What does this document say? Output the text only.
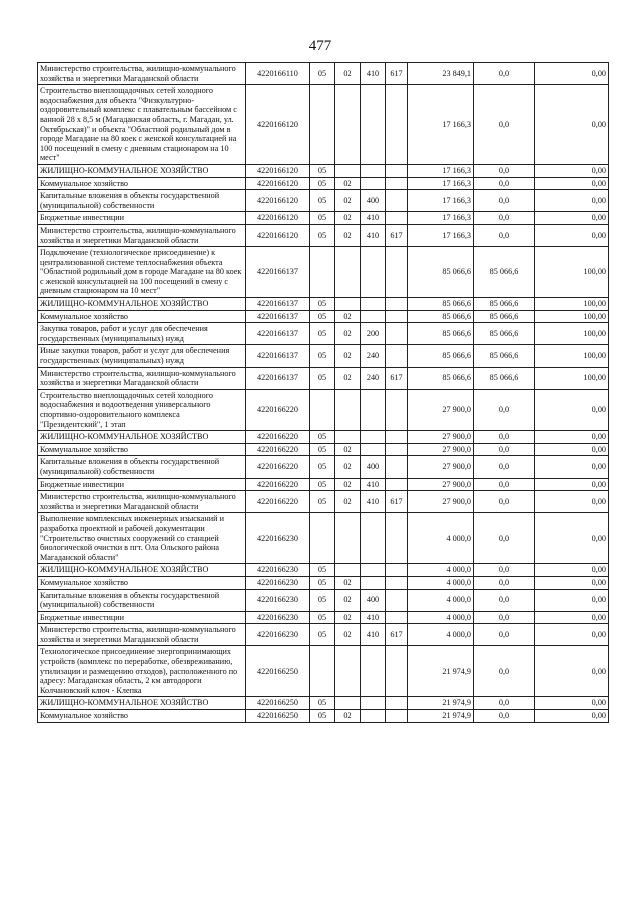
477
Министерство строительства, жилищно-коммунального хозяйства и энергетики Магаданской области	4220166110	05	02	410	617	23 849,1	0,0	0,00
Строительство внеплощадочных сетей холодного водоснабжения для объекта "Физкультурно-оздоровительный комплекс с плавательным бассейном с ванной 28 х 8,5 м (Магаданская область, г. Магадан, ул. Октябрьская)" и объекта "Областной родильный дом в городе Магадане на 80 коек с женской консультацией на 100 посещений в смену с дневным стационаром на 10 мест"	4220166120					17 166,3	0,0	0,00
ЖИЛИЩНО-КОММУНАЛЬНОЕ ХОЗЯЙСТВО	4220166120	05				17 166,3	0,0	0,00
Коммунальное хозяйство	4220166120	05	02			17 166,3	0,0	0,00
Капитальные вложения в объекты государственной (муниципальной) собственности	4220166120	05	02	400		17 166,3	0,0	0,00
Бюджетные инвестиции	4220166120	05	02	410		17 166,3	0,0	0,00
Министерство строительства, жилищно-коммунального хозяйства и энергетики Магаданской области	4220166120	05	02	410	617	17 166,3	0,0	0,00
Подключение (технологическое присоединение) к централизованной системе теплоснабжения объекта "Областной родильный дом в городе Магадане на 80 коек с женской консультацией на 100 посещений в смену с дневным стационаром на 10 мест"	4220166137					85 066,6	85 066,6	100,00
ЖИЛИЩНО-КОММУНАЛЬНОЕ ХОЗЯЙСТВО	4220166137	05				85 066,6	85 066,6	100,00
Коммунальное хозяйство	4220166137	05	02			85 066,6	85 066,6	100,00
Закупка товаров, работ и услуг для обеспечения государственных (муниципальных) нужд	4220166137	05	02	200		85 066,6	85 066,6	100,00
Иные закупки товаров, работ и услуг для обеспечения государственных (муниципальных) нужд	4220166137	05	02	240		85 066,6	85 066,6	100,00
Министерство строительства, жилищно-коммунального хозяйства и энергетики Магаданской области	4220166137	05	02	240	617	85 066,6	85 066,6	100,00
Строительство внеплощадочных сетей холодного водоснабжения и водоотведения универсального спортивно-оздоровительного комплекса "Президентский", 1 этап	4220166220					27 900,0	0,0	0,00
ЖИЛИЩНО-КОММУНАЛЬНОЕ ХОЗЯЙСТВО	4220166220	05				27 900,0	0,0	0,00
Коммунальное хозяйство	4220166220	05	02			27 900,0	0,0	0,00
Капитальные вложения в объекты государственной (муниципальной) собственности	4220166220	05	02	400		27 900,0	0,0	0,00
Бюджетные инвестиции	4220166220	05	02	410		27 900,0	0,0	0,00
Министерство строительства, жилищно-коммунального хозяйства и энергетики Магаданской области	4220166220	05	02	410	617	27 900,0	0,0	0,00
Выполнение комплексных инженерных изысканий и разработка проектной и рабочей документации "Строительство очистных сооружений со станцией биологической очистки в пгт. Ола Ольского района Магаданской области"	4220166230					4 000,0	0,0	0,00
ЖИЛИЩНО-КОММУНАЛЬНОЕ ХОЗЯЙСТВО	4220166230	05				4 000,0	0,0	0,00
Коммунальное хозяйство	4220166230	05	02			4 000,0	0,0	0,00
Капитальные вложения в объекты государственной (муниципальной) собственности	4220166230	05	02	400		4 000,0	0,0	0,00
Бюджетные инвестиции	4220166230	05	02	410		4 000,0	0,0	0,00
Министерство строительства, жилищно-коммунального хозяйства и энергетики Магаданской области	4220166230	05	02	410	617	4 000,0	0,0	0,00
Технологическое присоединение энергопринимающих устройств (комплекс по переработке, обезвреживанию, утилизации и размещению отходов), расположенного по адресу: Магаданская область, 2 км автодороги Колчановский ключ - Клепка	4220166250					21 974,9	0,0	0,00
ЖИЛИЩНО-КОММУНАЛЬНОЕ ХОЗЯЙСТВО	4220166250	05				21 974,9	0,0	0,00
Коммунальное хозяйство	4220166250	05	02			21 974,9	0,0	0,00
